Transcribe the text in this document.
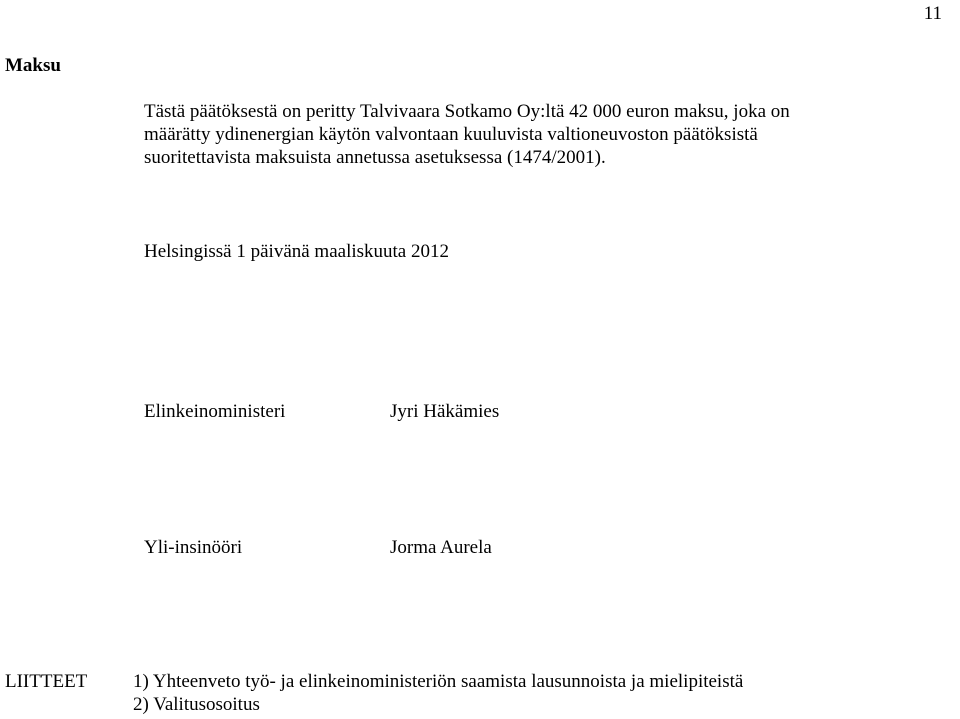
11
Maksu
Tästä päätöksestä on peritty Talvivaara Sotkamo Oy:ltä 42 000 euron maksu, joka on
määrätty ydinenergian käytön valvontaan kuuluvista valtioneuvoston päätöksistä
suoritettavista maksuista annetussa asetuksessa (1474/2001).
Helsingissä 1 päivänä maaliskuuta 2012
Elinkeinoministeri	Jyri Häkämies
Yli-insinööri	Jorma Aurela
LIITTEET 1) Yhteenveto työ- ja elinkeinoministeriön saamista lausunnoista ja mielipiteistä
2) Valitusosoitus
